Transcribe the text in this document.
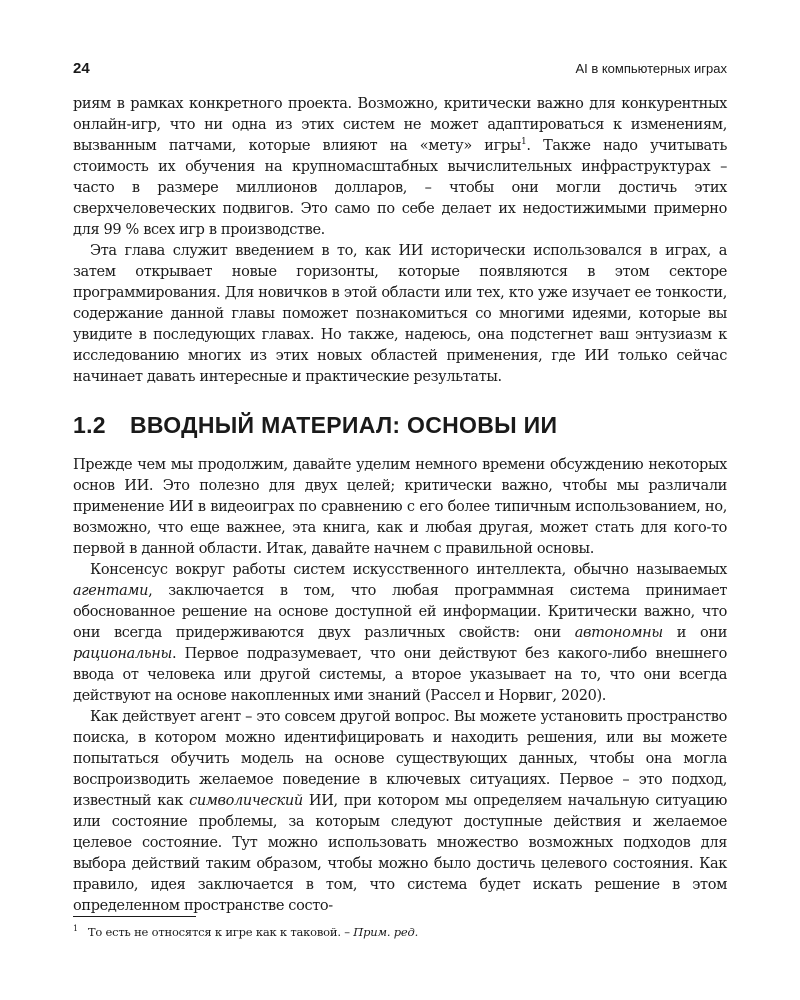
24	AI в компьютерных играх

риям в рамках конкретного проекта. Возможно, критически важно для конкурентных онлайн-игр, что ни одна из этих систем не может адаптироваться к изменениям, вызванным патчами, которые влияют на «мету» игры$^1$. Также надо учитывать стоимость их обучения на крупномасштабных вычислительных инфраструктурах – часто в размере миллионов долларов, – чтобы они могли достичь этих сверхчеловеческих подвигов. Это само по себе делает их недостижимыми примерно для 99 % всех игр в производстве.

Эта глава служит введением в то, как ИИ исторически использовался в играх, а затем открывает новые горизонты, которые появляются в этом секторе программирования. Для новичков в этой области или тех, кто уже изучает ее тонкости, содержание данной главы поможет познакомиться со многими идеями, которые вы увидите в последующих главах. Но также, надеюсь, она подстегнет ваш энтузиазм к исследованию многих из этих новых областей применения, где ИИ только сейчас начинает давать интересные и практические результаты.

1.2 ВВОДНЫЙ МАТЕРИАЛ: ОСНОВЫ ИИ

Прежде чем мы продолжим, давайте уделим немного времени обсуждению некоторых основ ИИ. Это полезно для двух целей; критически важно, чтобы мы различали применение ИИ в видеоиграх по сравнению с его более типичным использованием, но, возможно, что еще важнее, эта книга, как и любая другая, может стать для кого-то первой в данной области. Итак, давайте начнем с правильной основы.

Консенсус вокруг работы систем искусственного интеллекта, обычно называемых агентами, заключается в том, что любая программная система принимает обоснованное решение на основе доступной ей информации. Критически важно, что они всегда придерживаются двух различных свойств: они автономны и они рациональны. Первое подразумевает, что они действуют без какого-либо внешнего ввода от человека или другой системы, а второе указывает на то, что они всегда действуют на основе накопленных ими знаний (Рассел и Норвиг, 2020).

Как действует агент – это совсем другой вопрос. Вы можете установить пространство поиска, в котором можно идентифицировать и находить решения, или вы можете попытаться обучить модель на основе существующих данных, чтобы она могла воспроизводить желаемое поведение в ключевых ситуациях. Первое – это подход, известный как символический ИИ, при котором мы определяем начальную ситуацию или состояние проблемы, за которым следуют доступные действия и желаемое целевое состояние. Тут можно использовать множество возможных подходов для выбора действий таким образом, чтобы можно было достичь целевого состояния. Как правило, идея заключается в том, что система будет искать решение в этом определенном пространстве состо-

$^1$ То есть не относятся к игре как к таковой. – Прим. ред.
